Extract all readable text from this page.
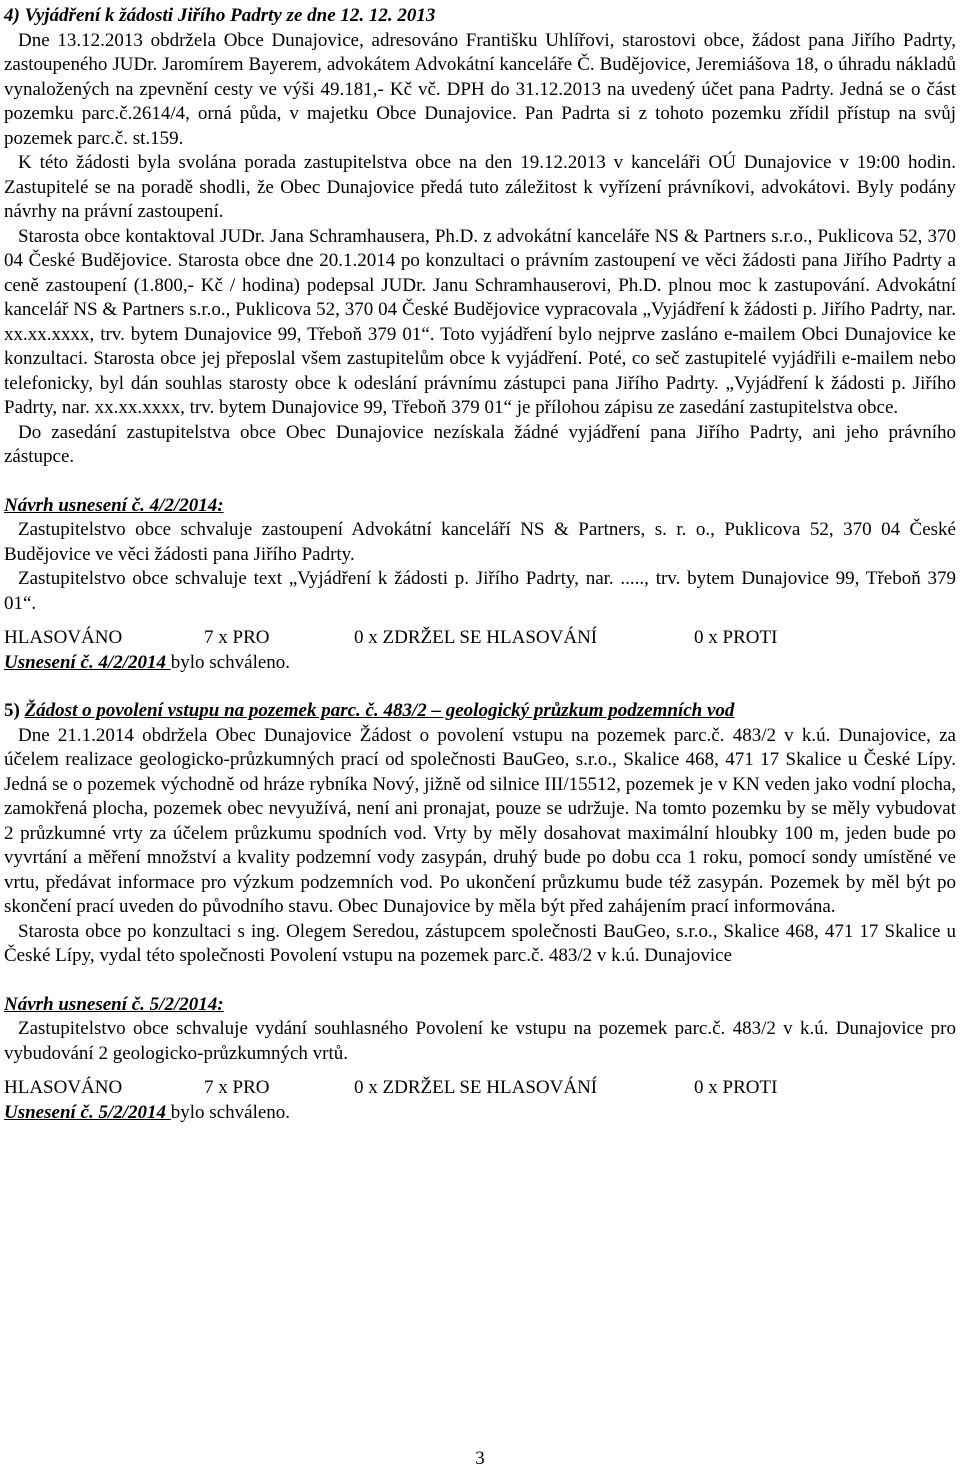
4) Vyjádření k žádosti Jiřího Padrty ze dne 12. 12. 2013

Dne 13.12.2013 obdržela Obce Dunajovice, adresováno Františku Uhlířovi, starostovi obce, žádost pana Jiřího Padrty, zastoupeného JUDr. Jaromírem Bayerem, advokátem Advokátní kanceláře Č. Budějovice, Jeremiášova 18, o úhradu nákladů vynaložených na zpevnění cesty ve výši 49.181,- Kč vč. DPH do 31.12.2013 na uvedený účet pana Padrty. Jedná se o část pozemku parc.č.2614/4, orná půda, v majetku Obce Dunajovice. Pan Padrta si z tohoto pozemku zřídil přístup na svůj pozemek parc.č. st.159.

K této žádosti byla svolána porada zastupitelstva obce na den 19.12.2013 v kanceláři OÚ Dunajovice v 19:00 hodin. Zastupitelé se na poradě shodli, že Obec Dunajovice předá tuto záležitost k vyřízení právníkovi, advokátovi. Byly podány návrhy na právní zastoupení.

Starosta obce kontaktoval JUDr. Jana Schramhausera, Ph.D. z advokátní kanceláře NS & Partners s.r.o., Puklicova 52, 370 04 České Budějovice. Starosta obce dne 20.1.2014 po konzultaci o právním zastoupení ve věci žádosti pana Jiřího Padrty a ceně zastoupení (1.800,- Kč / hodina) podepsal JUDr. Janu Schramhauserovi, Ph.D. plnou moc k zastupování. Advokátní kancelář NS & Partners s.r.o., Puklicova 52, 370 04 České Budějovice vypracovala „Vyjádření k žádosti p. Jiřího Padrty, nar. xx.xx.xxxx, trv. bytem Dunajovice 99, Třeboň 379 01“. Toto vyjádření bylo nejprve zasláno e-mailem Obci Dunajovice ke konzultaci. Starosta obce jej přeposlal všem zastupitelům obce k vyjádření. Poté, co seč zastupitelé vyjádřili e-mailem nebo telefonicky, byl dán souhlas starosty obce k odeslání právnímu zástupci pana Jiřího Padrty. „Vyjádření k žádosti p. Jiřího Padrty, nar. xx.xx.xxxx, trv. bytem Dunajovice 99, Třeboň 379 01“ je přílohou zápisu ze zasedání zastupitelstva obce.

Do zasedání zastupitelstva obce Obec Dunajovice nezískala žádné vyjádření pana Jiřího Padrty, ani jeho právního zástupce.

Návrh usnesení č. 4/2/2014:

Zastupitelstvo obce schvaluje zastoupení Advokátní kanceláří NS & Partners, s. r. o., Puklicova 52, 370 04 České Budějovice ve věci žádosti pana Jiřího Padrty.

Zastupitelstvo obce schvaluje text „Vyjádření k žádosti p. Jiřího Padrty, nar. ....., trv. bytem Dunajovice 99, Třeboň 379 01“.

HLASOVÁNO	7 x PRO	0 x ZDRŽEL SE HLASOVÁNÍ	0 x PROTI

Usnesení č. 4/2/2014 bylo schváleno.

5) Žádost o povolení vstupu na pozemek parc. č. 483/2 – geologický průzkum podzemních vod

Dne 21.1.2014 obdržela Obec Dunajovice Žádost o povolení vstupu na pozemek parc.č. 483/2 v k.ú. Dunajovice, za účelem realizace geologicko-průzkumných prací od společnosti BauGeo, s.r.o., Skalice 468, 471 17 Skalice u České Lípy. Jedná se o pozemek východně od hráze rybníka Nový, jižně od silnice III/15512, pozemek je v KN veden jako vodní plocha, zamokřená plocha, pozemek obec nevyužívá, není ani pronajat, pouze se udržuje. Na tomto pozemku by se měly vybudovat 2 průzkumné vrty za účelem průzkumu spodních vod. Vrty by měly dosahovat maximální hloubky 100 m, jeden bude po vyvrtání a měření množství a kvality podzemní vody zasypán, druhý bude po dobu cca 1 roku, pomocí sondy umístěné ve vrtu, předávat informace pro výzkum podzemních vod. Po ukončení průzkumu bude též zasypán. Pozemek by měl být po skončení prací uveden do původního stavu. Obec Dunajovice by měla být před zahájením prací informována.

Starosta obce po konzultaci s ing. Olegem Seredou, zástupcem společnosti BauGeo, s.r.o., Skalice 468, 471 17 Skalice u České Lípy, vydal této společnosti Povolení vstupu na pozemek parc.č. 483/2 v k.ú. Dunajovice

Návrh usnesení č. 5/2/2014:

Zastupitelstvo obce schvaluje vydání souhlasného Povolení ke vstupu na pozemek parc.č. 483/2 v k.ú. Dunajovice pro vybudování 2 geologicko-průzkumných vrtů.

HLASOVÁNO	7 x PRO	0 x ZDRŽEL SE HLASOVÁNÍ	0 x PROTI

Usnesení č. 5/2/2014 bylo schváleno.

3
